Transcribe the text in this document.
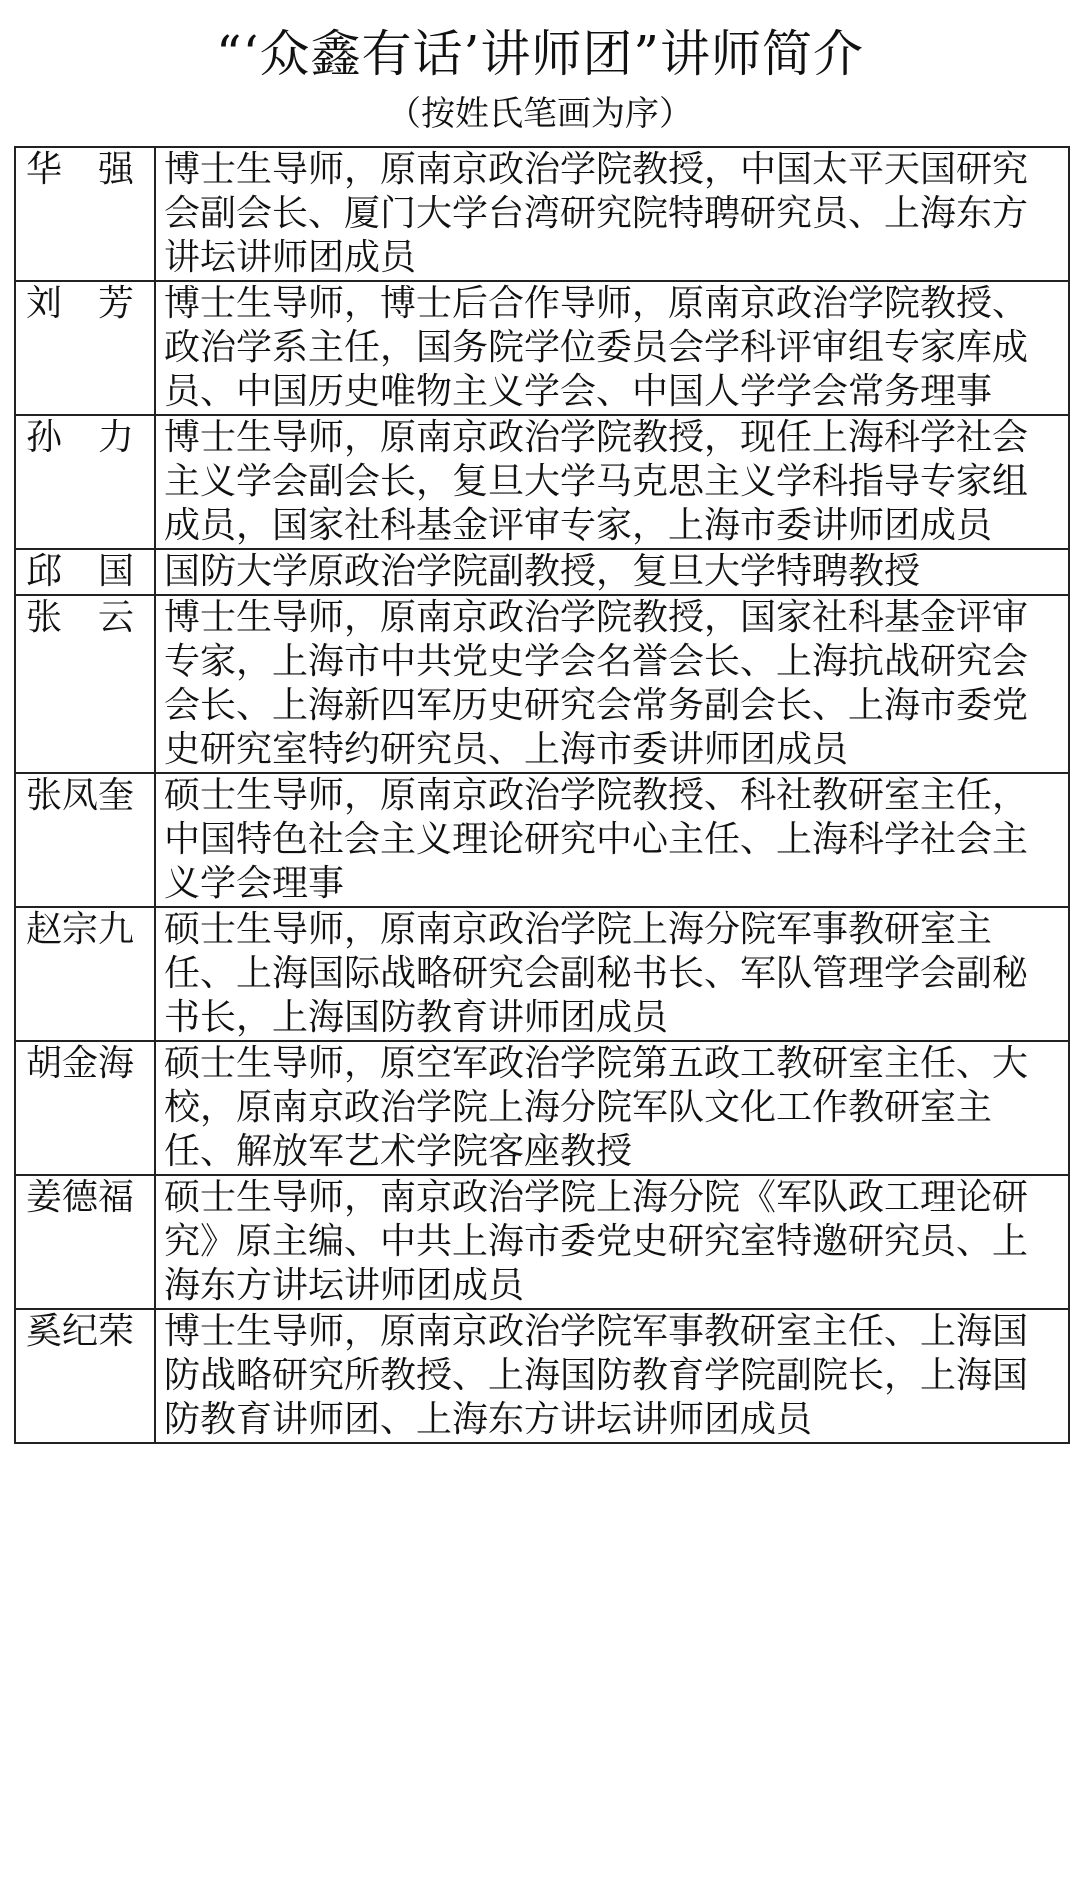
“‘众鑫有话’讲师团”讲师简介
（按姓氏笔画为序）
华　强	博士生导师，原南京政治学院教授，中国太平天国研究会副会长、厦门大学台湾研究院特聘研究员、上海东方讲坛讲师团成员
刘　芳	博士生导师，博士后合作导师，原南京政治学院教授、政治学系主任，国务院学位委员会学科评审组专家库成员、中国历史唯物主义学会、中国人学学会常务理事
孙　力	博士生导师，原南京政治学院教授，现任上海科学社会主义学会副会长，复旦大学马克思主义学科指导专家组成员，国家社科基金评审专家，上海市委讲师团成员
邱　国	国防大学原政治学院副教授，复旦大学特聘教授
张　云	博士生导师，原南京政治学院教授，国家社科基金评审专家，上海市中共党史学会名誉会长、上海抗战研究会会长、上海新四军历史研究会常务副会长、上海市委党史研究室特约研究员、上海市委讲师团成员
张凤奎	硕士生导师，原南京政治学院教授、科社教研室主任，中国特色社会主义理论研究中心主任、上海科学社会主义学会理事
赵宗九	硕士生导师，原南京政治学院上海分院军事教研室主任、上海国际战略研究会副秘书长、军队管理学会副秘书长，上海国防教育讲师团成员
胡金海	硕士生导师，原空军政治学院第五政工教研室主任、大校，原南京政治学院上海分院军队文化工作教研室主任、解放军艺术学院客座教授
姜德福	硕士生导师，南京政治学院上海分院《军队政工理论研究》原主编、中共上海市委党史研究室特邀研究员、上海东方讲坛讲师团成员
奚纪荣	博士生导师，原南京政治学院军事教研室主任、上海国防战略研究所教授、上海国防教育学院副院长，上海国防教育讲师团、上海东方讲坛讲师团成员
